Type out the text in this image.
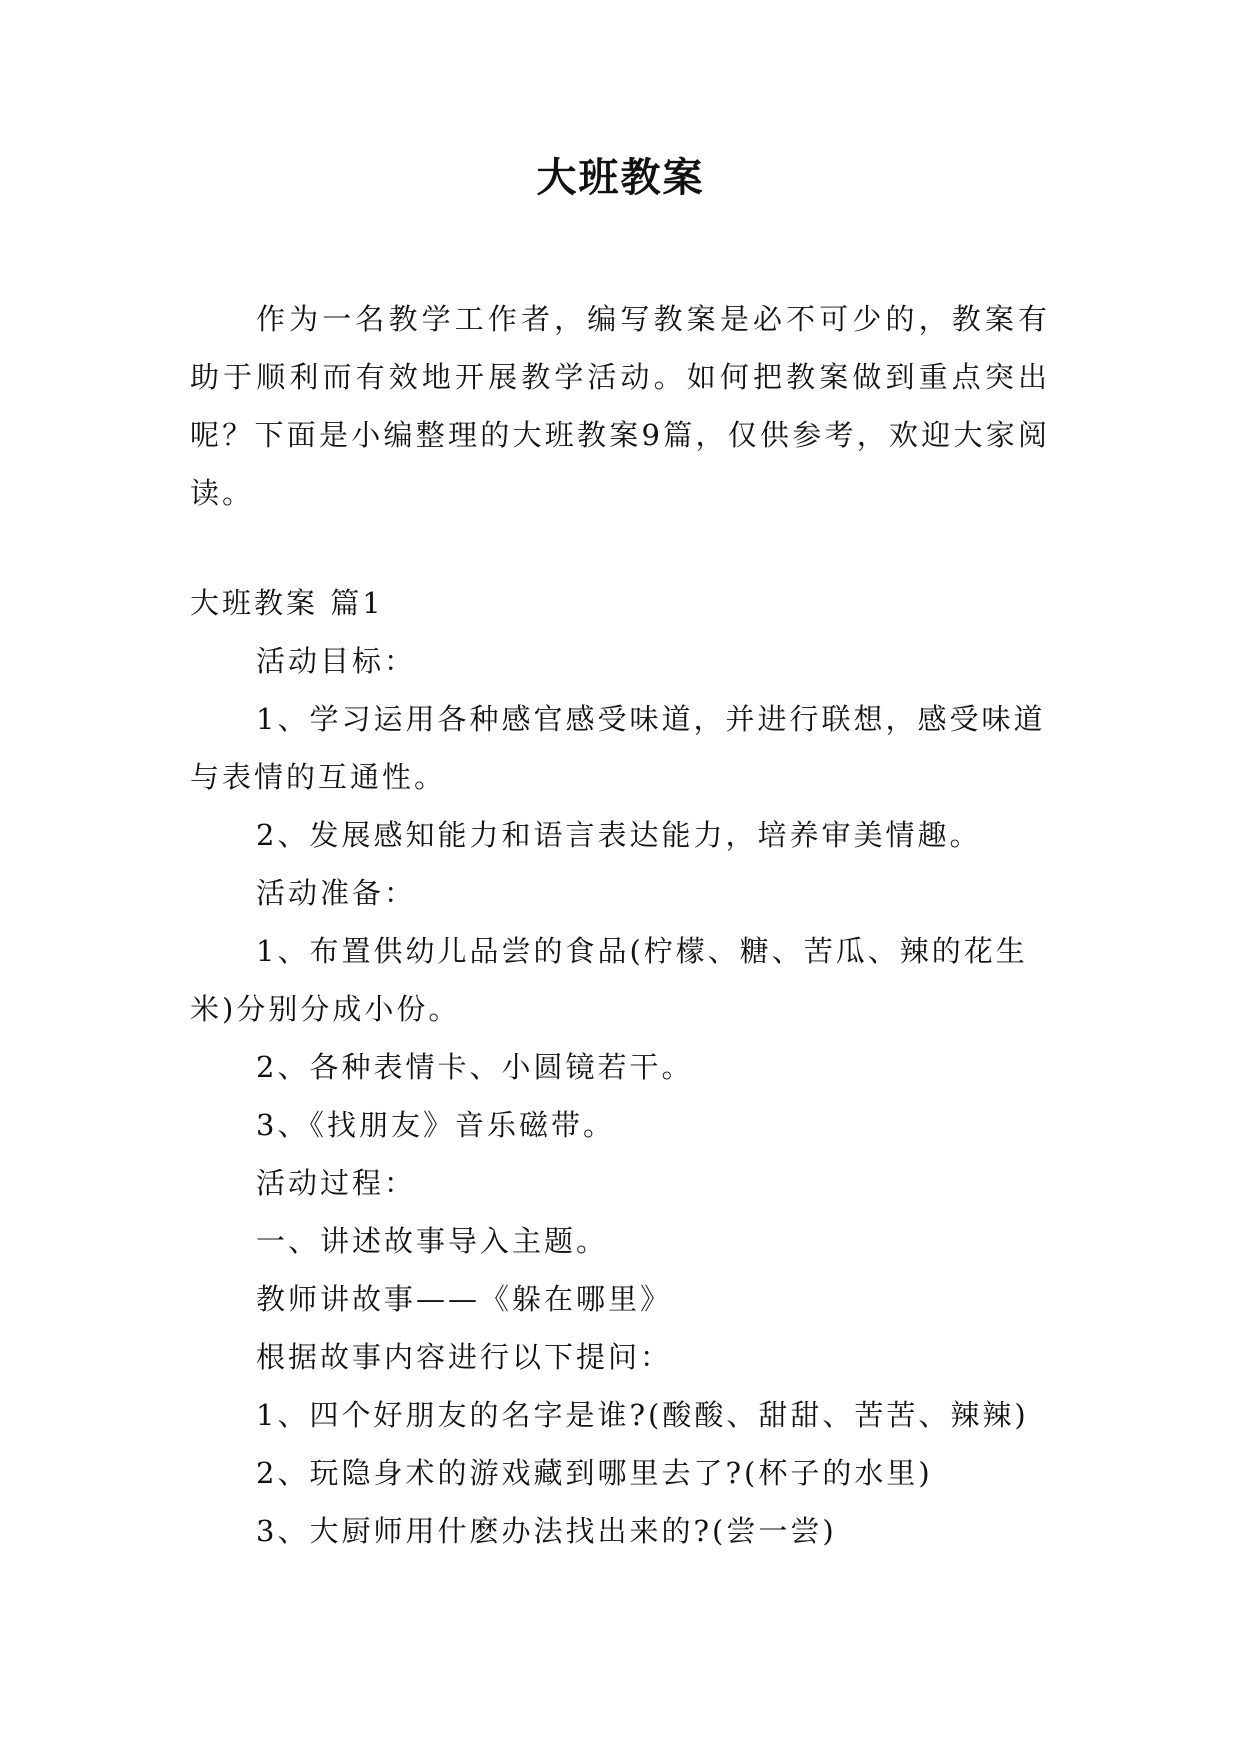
大班教案

作为一名教学工作者，编写教案是必不可少的，教案有助于顺利而有效地开展教学活动。如何把教案做到重点突出呢？下面是小编整理的大班教案9篇，仅供参考，欢迎大家阅读。

大班教案 篇1

活动目标：

1、学习运用各种感官感受味道，并进行联想，感受味道与表情的互通性。

2、发展感知能力和语言表达能力，培养审美情趣。

活动准备：

1、布置供幼儿品尝的食品(柠檬、糖、苦瓜、辣的花生米)分别分成小份。

2、各种表情卡、小圆镜若干。

3、《找朋友》音乐磁带。

活动过程：

一、讲述故事导入主题。

教师讲故事——《躲在哪里》

根据故事内容进行以下提问：

1、四个好朋友的名字是谁?(酸酸、甜甜、苦苦、辣辣)

2、玩隐身术的游戏藏到哪里去了?(杯子的水里)

3、大厨师用什麽办法找出来的?(尝一尝)
